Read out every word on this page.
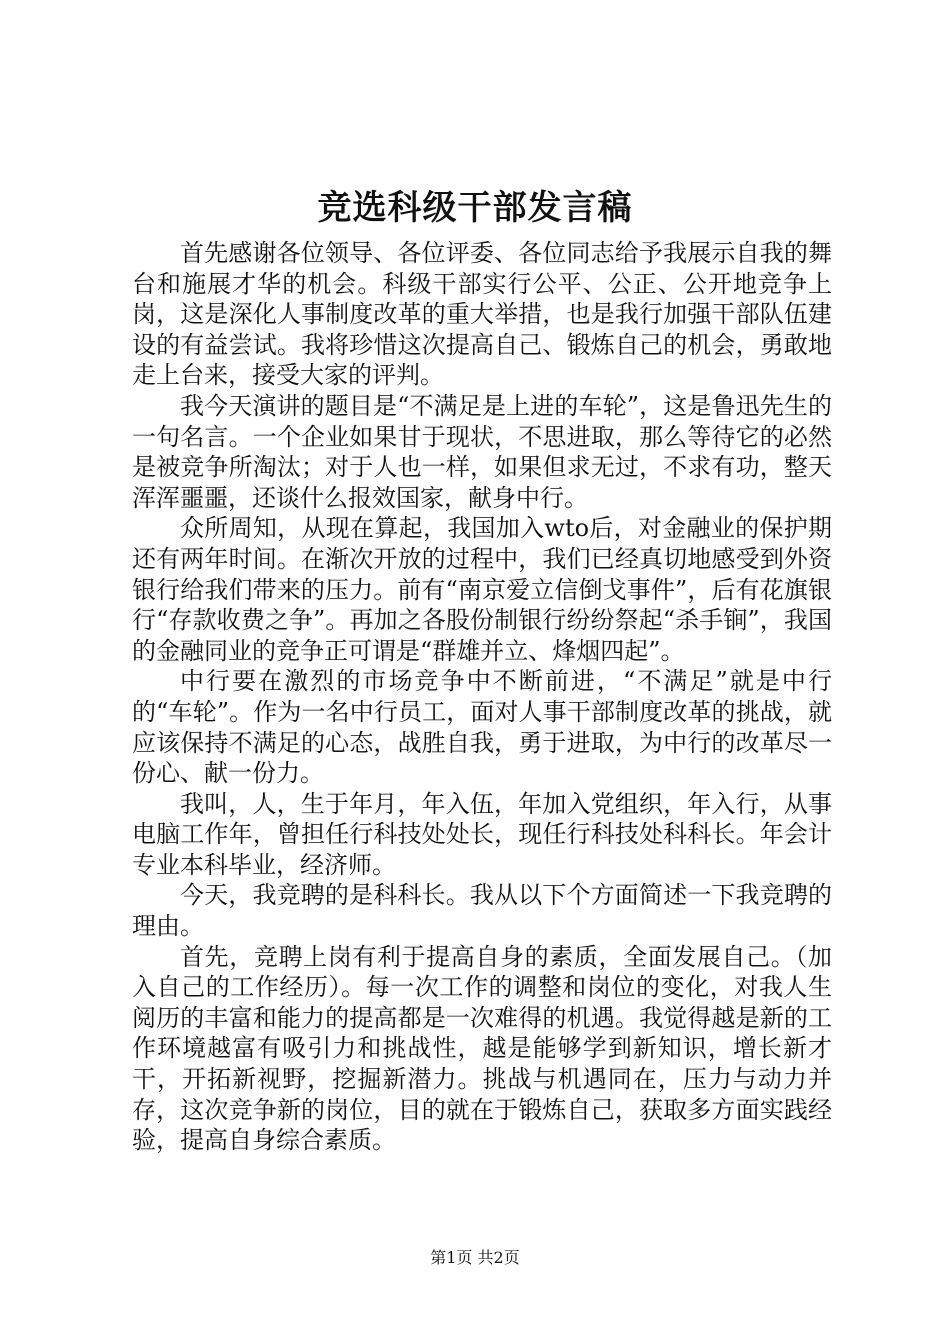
竞选科级干部发言稿

首先感谢各位领导、各位评委、各位同志给予我展示自我的舞台和施展才华的机会。科级干部实行公平、公正、公开地竞争上岗，这是深化人事制度改革的重大举措，也是我行加强干部队伍建设的有益尝试。我将珍惜这次提高自己、锻炼自己的机会，勇敢地走上台来，接受大家的评判。

我今天演讲的题目是“不满足是上进的车轮”，这是鲁迅先生的一句名言。一个企业如果甘于现状，不思进取，那么等待它的必然是被竞争所淘汰；对于人也一样，如果但求无过，不求有功，整天浑浑噩噩，还谈什么报效国家，献身中行。

众所周知，从现在算起，我国加入wto后，对金融业的保护期还有两年时间。在渐次开放的过程中，我们已经真切地感受到外资银行给我们带来的压力。前有“南京爱立信倒戈事件”，后有花旗银行“存款收费之争”。再加之各股份制银行纷纷祭起“杀手锏”，我国的金融同业的竞争正可谓是“群雄并立、烽烟四起”。

中行要在激烈的市场竞争中不断前进，“不满足”就是中行的“车轮”。作为一名中行员工，面对人事干部制度改革的挑战，就应该保持不满足的心态，战胜自我，勇于进取，为中行的改革尽一份心、献一份力。

我叫，人，生于年月，年入伍，年加入党组织，年入行，从事电脑工作年，曾担任行科技处处长，现任行科技处科科长。年会计专业本科毕业，经济师。

今天，我竞聘的是科科长。我从以下个方面简述一下我竞聘的理由。

首先，竞聘上岗有利于提高自身的素质，全面发展自己。（加入自己的工作经历）。每一次工作的调整和岗位的变化，对我人生阅历的丰富和能力的提高都是一次难得的机遇。我觉得越是新的工作环境越富有吸引力和挑战性，越是能够学到新知识，增长新才干，开拓新视野，挖掘新潜力。挑战与机遇同在，压力与动力并存，这次竞争新的岗位，目的就在于锻炼自己，获取多方面实践经验，提高自身综合素质。

第1页 共2页
